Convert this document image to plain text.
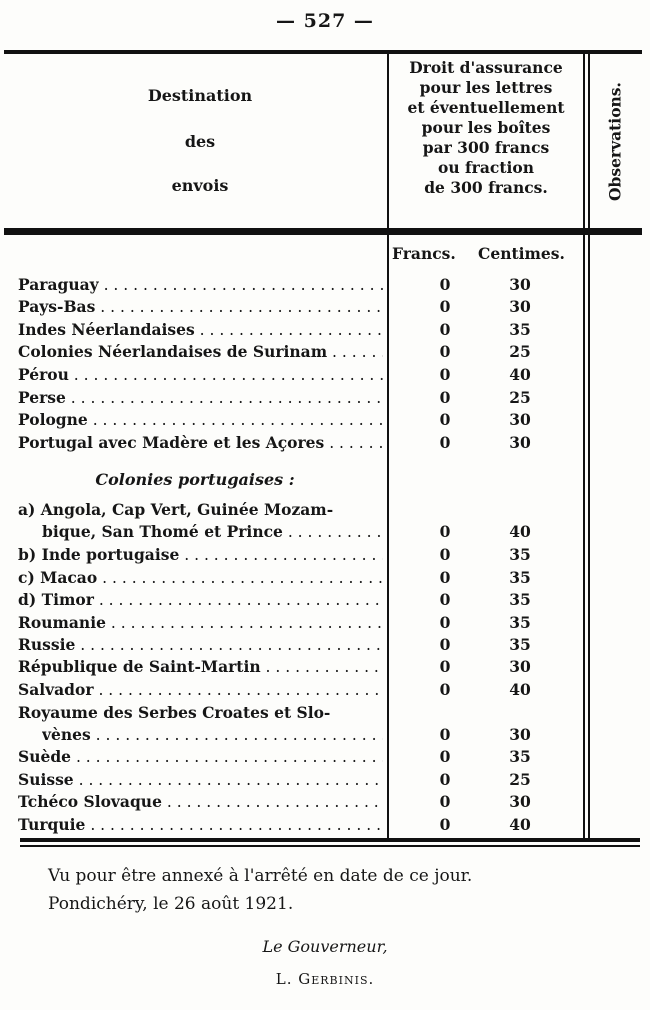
— 527 —
Destination
des
envois
Droit d'assurance
pour les lettres
et éventuellement
pour les boîtes
par 300 francs
ou fraction
de 300 francs.	Observations.
Francs. Centimes.
Paraguay . . .	0	30
Pays-Bas . . .	0	30
Indes Néerlandaises . . .	0	35
Colonies Néerlandaises de Surinam . . .	0	25
Pérou . . .	0	40
Perse . . .	0	25
Pologne . . .	0	30
Portugal avec Madère et les Açores . . .	0	30
Colonies portugaises :
a) Angola, Cap Vert, Guinée Mozam-
bique, San Thomé et Prince . . .	0	40
b) Inde portugaise . . .	0	35
c) Macao . . .	0	35
d) Timor . . .	0	35
Roumanie . . .	0	35
Russie . . .	0	35
République de Saint-Martin . . .	0	30
Salvador . . .	0	40
Royaume des Serbes Croates et Slo-
vènes . . .	0	30
Suède . . .	0	35
Suisse . . .	0	25
Tchéco Slovaque . . .	0	30
Turquie . . .	0	40
Vu pour être annexé à l'arrêté en date de ce jour.
Pondichéry, le 26 août 1921.
Le Gouverneur,
L. Gerbinis.
